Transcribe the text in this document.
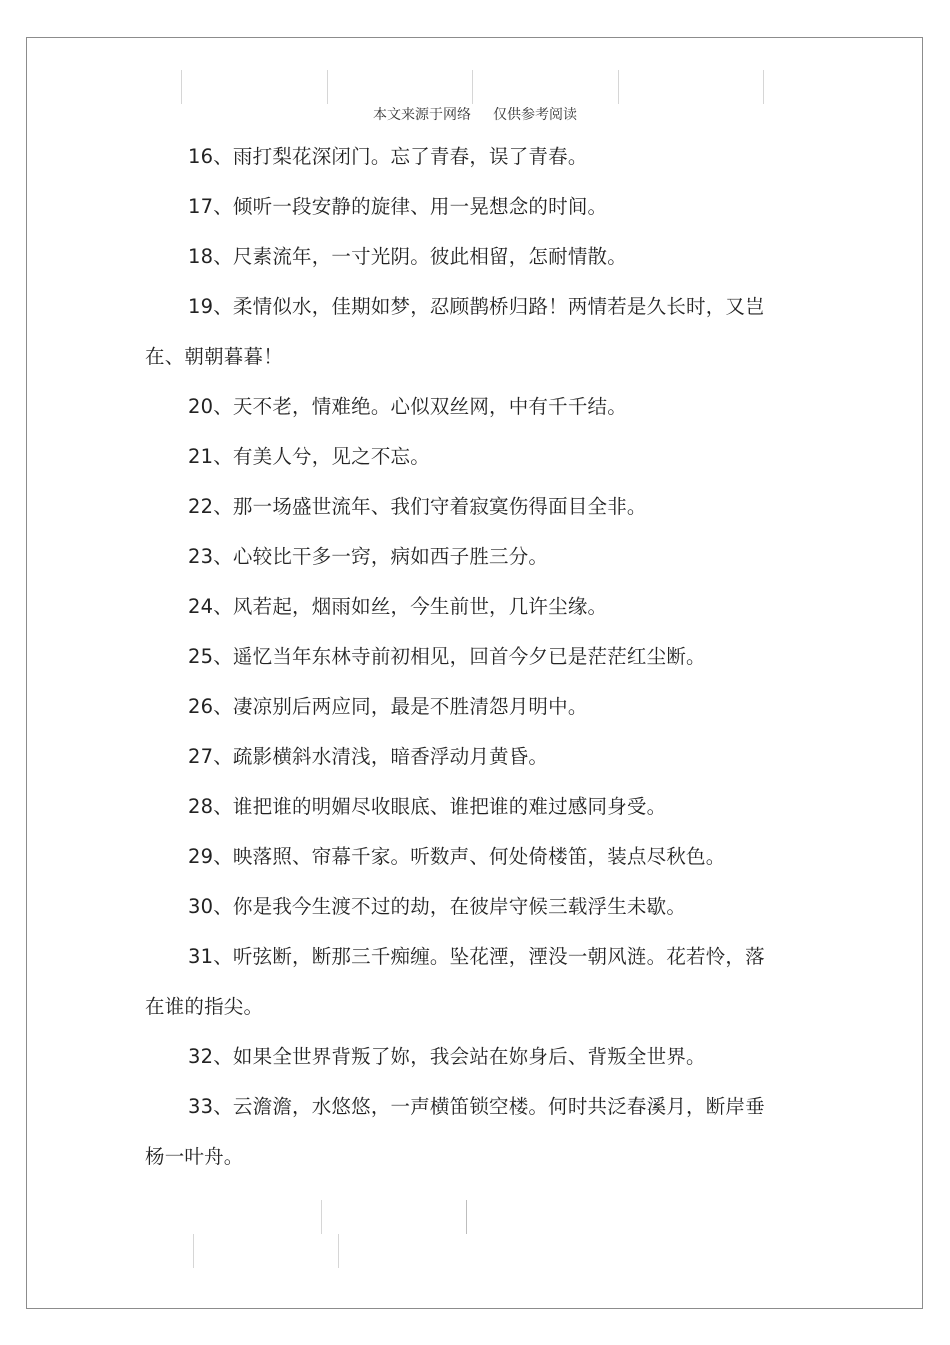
本文来源于网络 仅供参考阅读

16、雨打梨花深闭门。忘了青春，误了青春。

17、倾听一段安静的旋律、用一晃想念的时间。

18、尺素流年，一寸光阴。彼此相留，怎耐情散。

19、柔情似水，佳期如梦，忍顾鹊桥归路！两情若是久长时，又岂在、朝朝暮暮！

20、天不老，情难绝。心似双丝网，中有千千结。

21、有美人兮，见之不忘。

22、那一场盛世流年、我们守着寂寞伤得面目全非。

23、心较比干多一窍，病如西子胜三分。

24、风若起，烟雨如丝，今生前世，几许尘缘。

25、遥忆当年东林寺前初相见，回首今夕已是茫茫红尘断。

26、凄凉别后两应同，最是不胜清怨月明中。

27、疏影横斜水清浅，暗香浮动月黄昏。

28、谁把谁的明媚尽收眼底、谁把谁的难过感同身受。

29、映落照、帘幕千家。听数声、何处倚楼笛，装点尽秋色。

30、你是我今生渡不过的劫，在彼岸守候三载浮生未歇。

31、听弦断，断那三千痴缠。坠花湮，湮没一朝风涟。花若怜，落在谁的指尖。

32、如果全世界背叛了妳，我会站在妳身后、背叛全世界。

33、云澹澹，水悠悠，一声横笛锁空楼。何时共泛春溪月，断岸垂杨一叶舟。
